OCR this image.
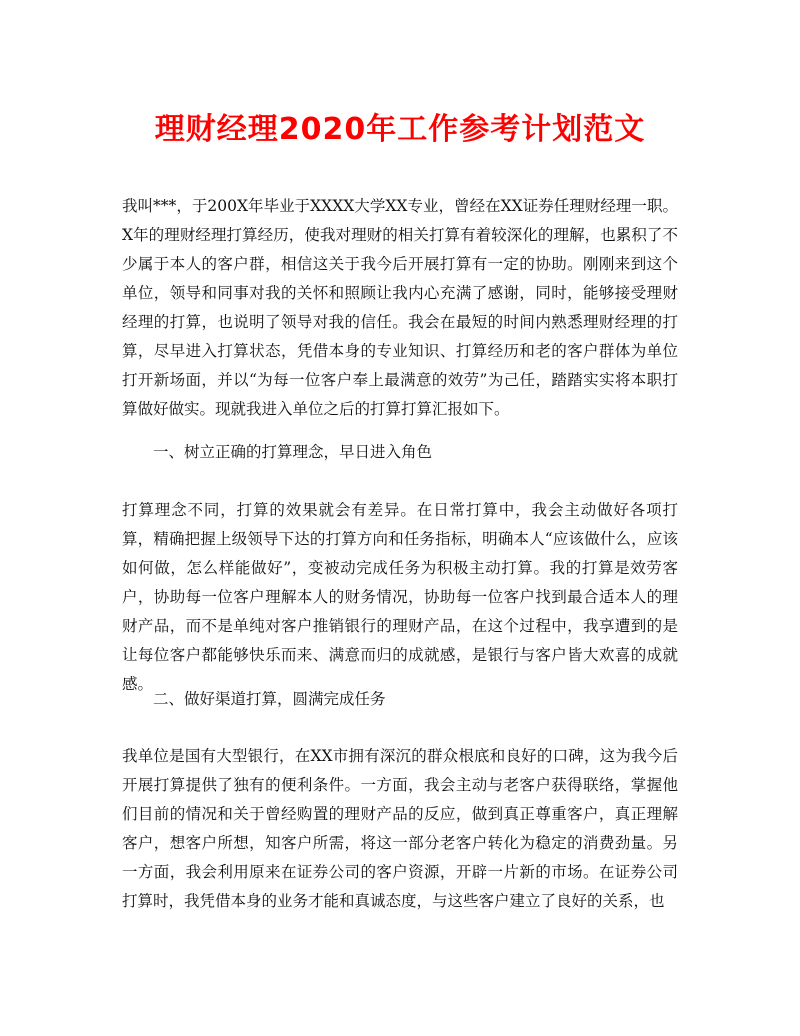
理财经理2020年工作参考计划范文
我叫***，于200X年毕业于XXXX大学XX专业，曾经在XX证券任理财经理一职。X年的理财经理打算经历，使我对理财的相关打算有着较深化的理解，也累积了不少属于本人的客户群，相信这关于我今后开展打算有一定的协助。刚刚来到这个单位，领导和同事对我的关怀和照顾让我内心充满了感谢，同时，能够接受理财经理的打算，也说明了领导对我的信任。我会在最短的时间内熟悉理财经理的打算，尽早进入打算状态，凭借本身的专业知识、打算经历和老的客户群体为单位打开新场面，并以“为每一位客户奉上最满意的效劳”为己任，踏踏实实将本职打算做好做实。现就我进入单位之后的打算打算汇报如下。
一、树立正确的打算理念，早日进入角色
打算理念不同，打算的效果就会有差异。在日常打算中，我会主动做好各项打算，精确把握上级领导下达的打算方向和任务指标，明确本人“应该做什么，应该如何做，怎么样能做好”，变被动完成任务为积极主动打算。我的打算是效劳客户，协助每一位客户理解本人的财务情况，协助每一位客户找到最合适本人的理财产品，而不是单纯对客户推销银行的理财产品，在这个过程中，我享遭到的是让每位客户都能够快乐而来、满意而归的成就感，是银行与客户皆大欢喜的成就感。
二、做好渠道打算，圆满完成任务
我单位是国有大型银行，在XX市拥有深沉的群众根底和良好的口碑，这为我今后开展打算提供了独有的便利条件。一方面，我会主动与老客户获得联络，掌握他们目前的情况和关于曾经购置的理财产品的反应，做到真正尊重客户，真正理解客户，想客户所想，知客户所需，将这一部分老客户转化为稳定的消费劲量。另一方面，我会利用原来在证券公司的客户资源，开辟一片新的市场。在证券公司打算时，我凭借本身的业务才能和真诚态度，与这些客户建立了良好的关系，也
